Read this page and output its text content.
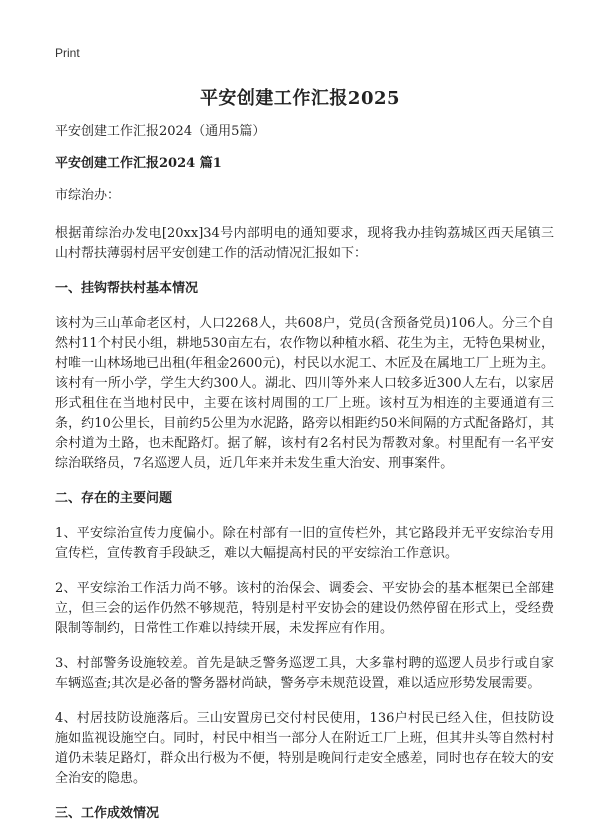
Print
平安创建工作汇报2025

平安创建工作汇报2024（通用5篇）

平安创建工作汇报2024 篇1

市综治办：

根据莆综治办发电[20xx]34号内部明电的通知要求，现将我办挂钩荔城区西天尾镇三山村帮扶薄弱村居平安创建工作的活动情况汇报如下：

一、挂钩帮扶村基本情况

该村为三山革命老区村，人口2268人，共608户，党员(含预备党员)106人。分三个自然村11个村民小组，耕地530亩左右，农作物以种植水稻、花生为主，无特色果树业，村唯一山林场地已出租(年租金2600元)，村民以水泥工、木匠及在属地工厂上班为主。该村有一所小学，学生大约300人。湖北、四川等外来人口较多近300人左右，以家居形式租住在当地村民中，主要在该村周围的工厂上班。该村互为相连的主要通道有三条，约10公里长，目前约5公里为水泥路，路旁以相距约50米间隔的方式配备路灯，其余村道为土路，也未配路灯。据了解，该村有2名村民为帮教对象。村里配有一名平安综治联络员，7名巡逻人员，近几年来并未发生重大治安、刑事案件。

二、存在的主要问题

1、平安综治宣传力度偏小。除在村部有一旧的宣传栏外，其它路段并无平安综治专用宣传栏，宣传教育手段缺乏，难以大幅提高村民的平安综治工作意识。

2、平安综治工作活力尚不够。该村的治保会、调委会、平安协会的基本框架已全部建立，但三会的运作仍然不够规范，特别是村平安协会的建设仍然停留在形式上，受经费限制等制约，日常性工作难以持续开展，未发挥应有作用。

3、村部警务设施较差。首先是缺乏警务巡逻工具，大多靠村聘的巡逻人员步行或自家车辆巡查;其次是必备的警务器材尚缺，警务亭未规范设置，难以适应形势发展需要。

4、村居技防设施落后。三山安置房已交付村民使用，136户村民已经入住，但技防设施如监视设施空白。同时，村民中相当一部分人在附近工厂上班，但其井头等自然村村道仍未装足路灯，群众出行极为不便，特别是晚间行走安全感差，同时也存在较大的安全治安的隐患。

三、工作成效情况
